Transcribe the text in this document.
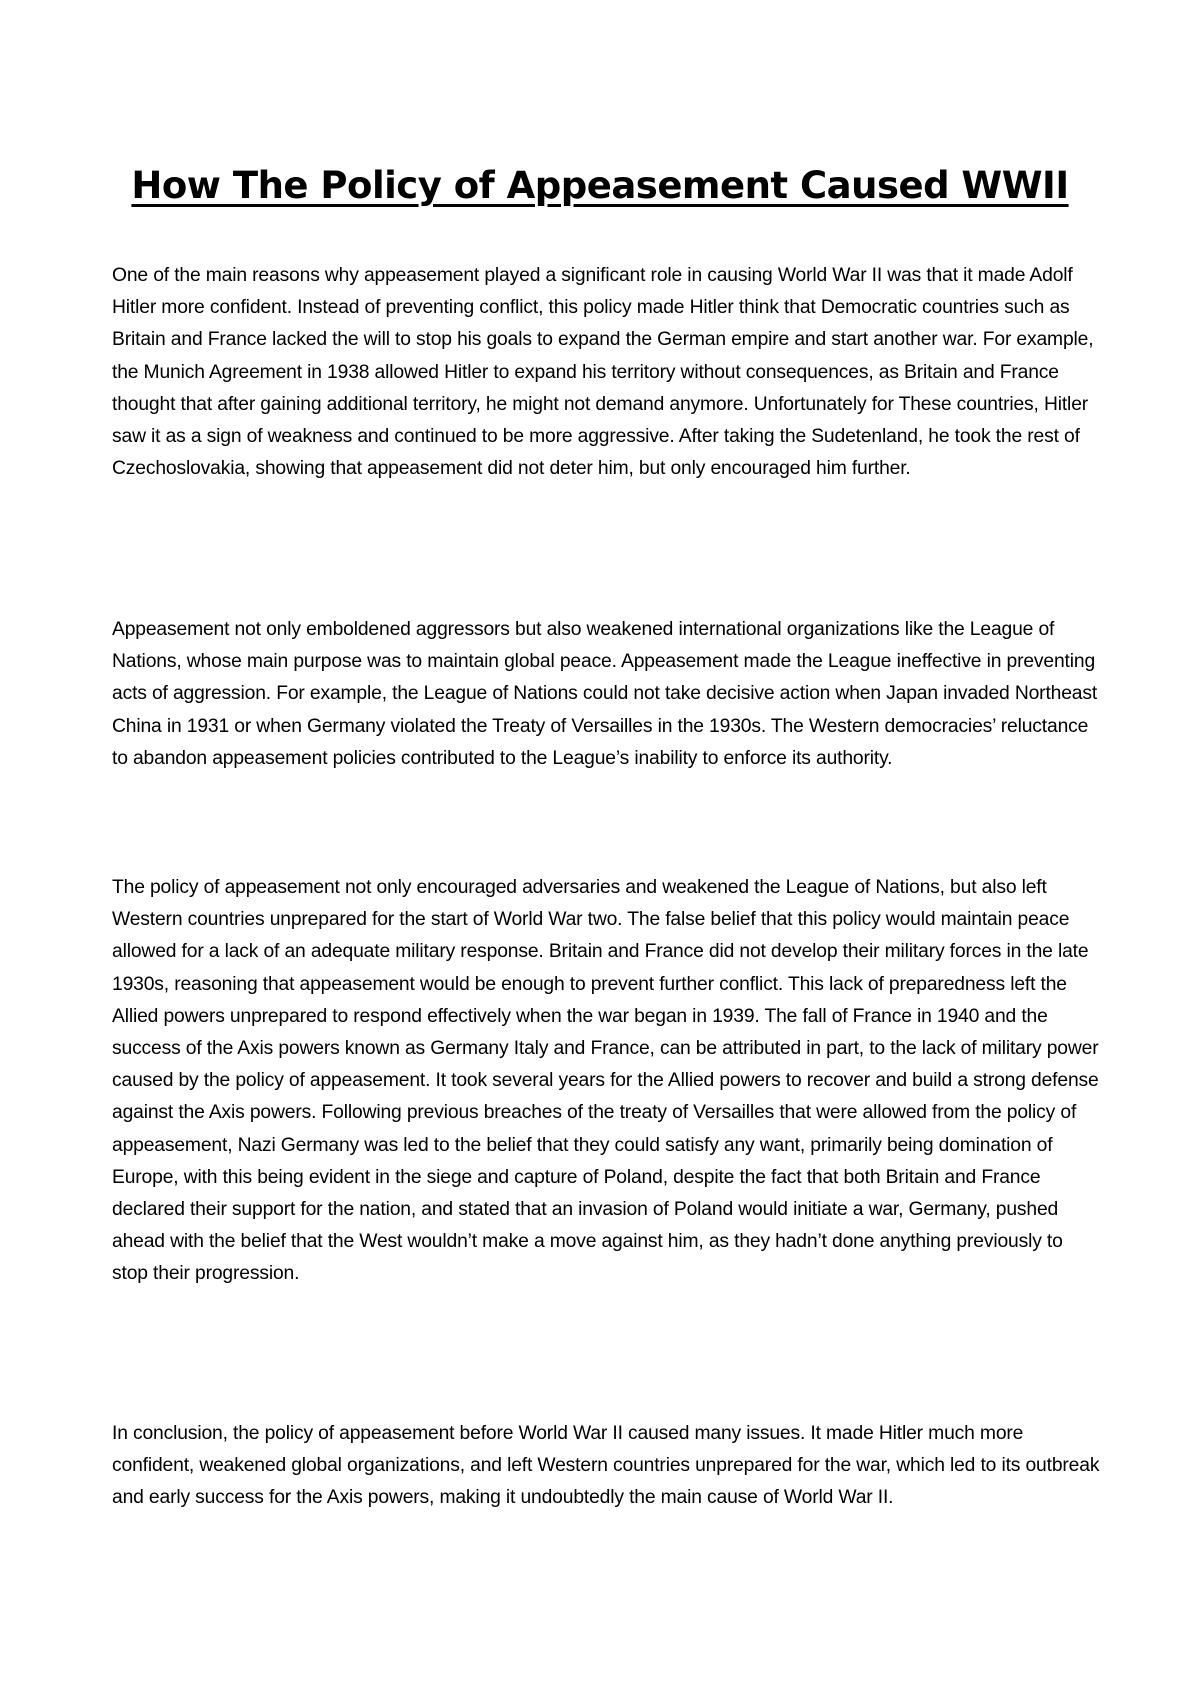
How The Policy of Appeasement Caused WWII

One of the main reasons why appeasement played a significant role in causing World War II was that it made Adolf Hitler more confident. Instead of preventing conflict, this policy made Hitler think that Democratic countries such as Britain and France lacked the will to stop his goals to expand the German empire and start another war. For example, the Munich Agreement in 1938 allowed Hitler to expand his territory without consequences, as Britain and France thought that after gaining additional territory, he might not demand anymore. Unfortunately for These countries, Hitler saw it as a sign of weakness and continued to be more aggressive. After taking the Sudetenland, he took the rest of Czechoslovakia, showing that appeasement did not deter him, but only encouraged him further.

Appeasement not only emboldened aggressors but also weakened international organizations like the League of Nations, whose main purpose was to maintain global peace. Appeasement made the League ineffective in preventing acts of aggression. For example, the League of Nations could not take decisive action when Japan invaded Northeast China in 1931 or when Germany violated the Treaty of Versailles in the 1930s. The Western democracies’ reluctance to abandon appeasement policies contributed to the League’s inability to enforce its authority.

The policy of appeasement not only encouraged adversaries and weakened the League of Nations, but also left Western countries unprepared for the start of World War two. The false belief that this policy would maintain peace allowed for a lack of an adequate military response. Britain and France did not develop their military forces in the late 1930s, reasoning that appeasement would be enough to prevent further conflict. This lack of preparedness left the Allied powers unprepared to respond effectively when the war began in 1939. The fall of France in 1940 and the success of the Axis powers known as Germany Italy and France, can be attributed in part, to the lack of military power caused by the policy of appeasement. It took several years for the Allied powers to recover and build a strong defense against the Axis powers. Following previous breaches of the treaty of Versailles that were allowed from the policy of appeasement, Nazi Germany was led to the belief that they could satisfy any want, primarily being domination of Europe, with this being evident in the siege and capture of Poland, despite the fact that both Britain and France declared their support for the nation, and stated that an invasion of Poland would initiate a war, Germany, pushed ahead with the belief that the West wouldn’t make a move against him, as they hadn’t done anything previously to stop their progression.

In conclusion, the policy of appeasement before World War II caused many issues. It made Hitler much more confident, weakened global organizations, and left Western countries unprepared for the war, which led to its outbreak and early success for the Axis powers, making it undoubtedly the main cause of World War II.
